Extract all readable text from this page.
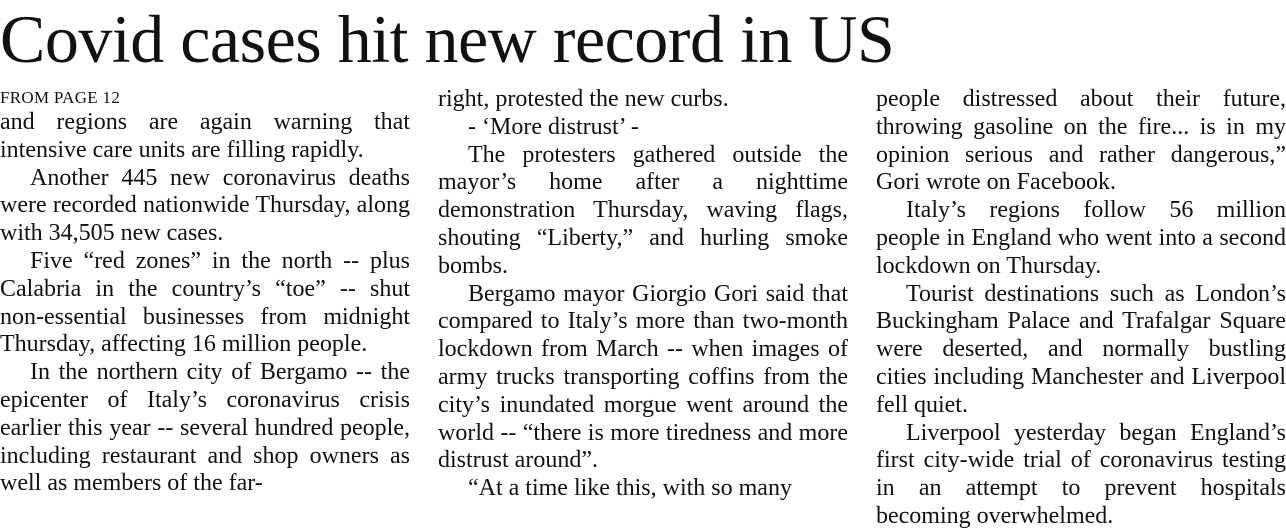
Covid cases hit new record in US
FROM PAGE 12

and regions are again warning that intensive care units are filling rapidly.

Another 445 new coronavirus deaths were recorded nationwide Thursday, along with 34,505 new cases.

Five “red zones” in the north -- plus Calabria in the country’s “toe” -- shut non-essential businesses from midnight Thursday, affecting 16 million people.

In the northern city of Bergamo -- the epicenter of Italy’s coronavirus crisis earlier this year -- several hundred people, including restaurant and shop owners as well as members of the far-

right, protested the new curbs.

- ‘More distrust’ -

The protesters gathered outside the mayor’s home after a nighttime demonstration Thursday, waving flags, shouting “Liberty,” and hurling smoke bombs.

Bergamo mayor Giorgio Gori said that compared to Italy’s more than two-month lockdown from March -- when images of army trucks transporting coffins from the city’s inundated morgue went around the world -- “there is more tiredness and more distrust around”.

“At a time like this, with so many

people distressed about their future, throwing gasoline on the fire... is in my opinion serious and rather dangerous,” Gori wrote on Facebook.

Italy’s regions follow 56 million people in England who went into a second lockdown on Thursday.

Tourist destinations such as London’s Buckingham Palace and Trafalgar Square were deserted, and normally bustling cities including Manchester and Liverpool fell quiet.

Liverpool yesterday began England’s first city-wide trial of coronavirus testing in an attempt to prevent hospitals becoming overwhelmed.
